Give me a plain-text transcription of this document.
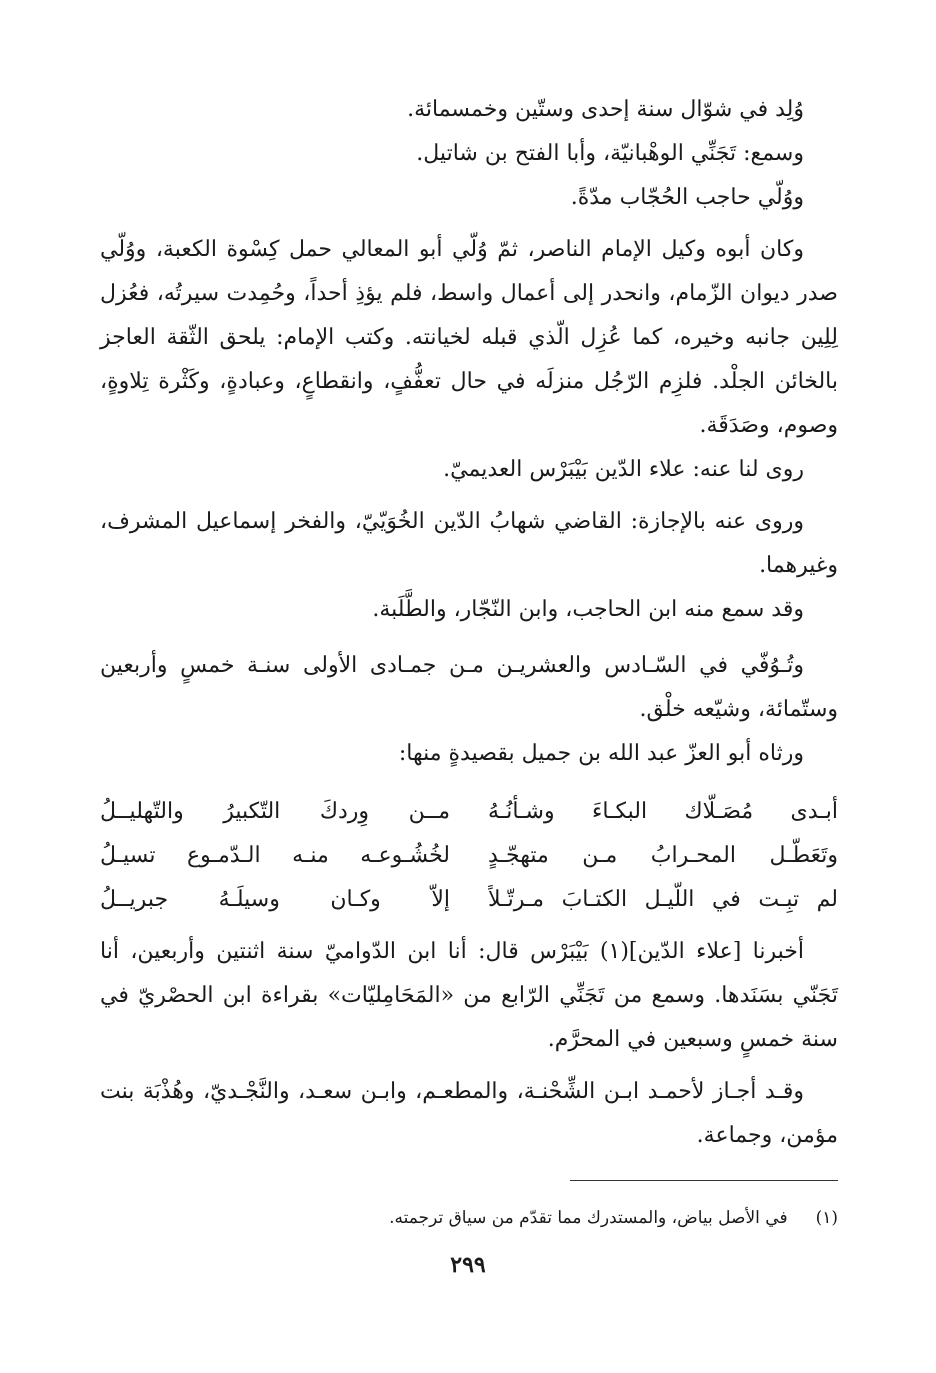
وُلِد في شوّال سنة إحدى وستّين وخمسمائة.

وسمع: تَجَنِّي الوهْبانيّة، وأبا الفتح بن شاتيل.

ووُلّي حاجب الحُجّاب مدّةً.

وكان أبوه وكيل الإمام الناصر، ثمّ وُلّي أبو المعالي حمل كِسْوة الكعبة، ووُلّي صدر ديوان الزّمام، وانحدر إلى أعمال واسط، فلم يؤذِ أحداً، وحُمِدت سيرتُه، فعُزل لِلِين جانبه وخيره، كما عُزِل الّذي قبله لخيانته. وكتب الإمام: يلحق الثّقة العاجز بالخائن الجلْد. فلزِم الرّجُل منزلَه في حال تعفُّفٍ، وانقطاعٍ، وعبادةٍ، وكَثْرة تِلاوةٍ، وصوم، وصَدَقَة.

روى لنا عنه: علاء الدّين بَيْبَرْس العديميّ.

وروى عنه بالإجازة: القاضي شهابُ الدّين الخُوَيّيّ، والفخر إسماعيل المشرف، وغيرهما.

وقد سمع منه ابن الحاجب، وابن النّجّار، والطَّلَبة.

وتُـوُفّي في السّـادس والعشريـن مـن جمـادى الأولى سنـة خمسٍ وأربعين وستّمائة، وشيّعه خلْق.

ورثاه أبو العزّ عبد الله بن جميل بقصيدةٍ منها:

أبـدى مُصَـلّاك البكـاءَ وشـأنُـهُ
مــن وِردكَ التّكبيرُ والتّهليــلُ
وتَعَطّـل المحـرابُ مـن متهجّـدٍ
لخُشُـوعـه منـه الـدّمـوع تسيـلُ
لم تبِـت في اللّيـل الكتـابَ مـرتّـلاً
إلاّ وكـان وسيلَـهُ جبريــلُ

أخبرنا [علاء الدّين](١) بَيْبَرْس قال: أنا ابن الدّواميّ سنة اثنتين وأربعين، أنا تَجَنّي بسَنَدها. وسمع من تَجَنِّي الرّابع من «المَحَامِليّات» بقراءة ابن الحصْريّ في سنة خمسٍ وسبعين في المحرَّم.

وقـد أجـاز لأحمـد ابـن الشِّحْنـة، والمطعـم، وابـن سعـد، والنَّجْـديّ، وهُذْبَة بنت مؤمن، وجماعة.

(١)
في الأصل بياض، والمستدرك مما تقدّم من سياق ترجمته.
٢٩٩
